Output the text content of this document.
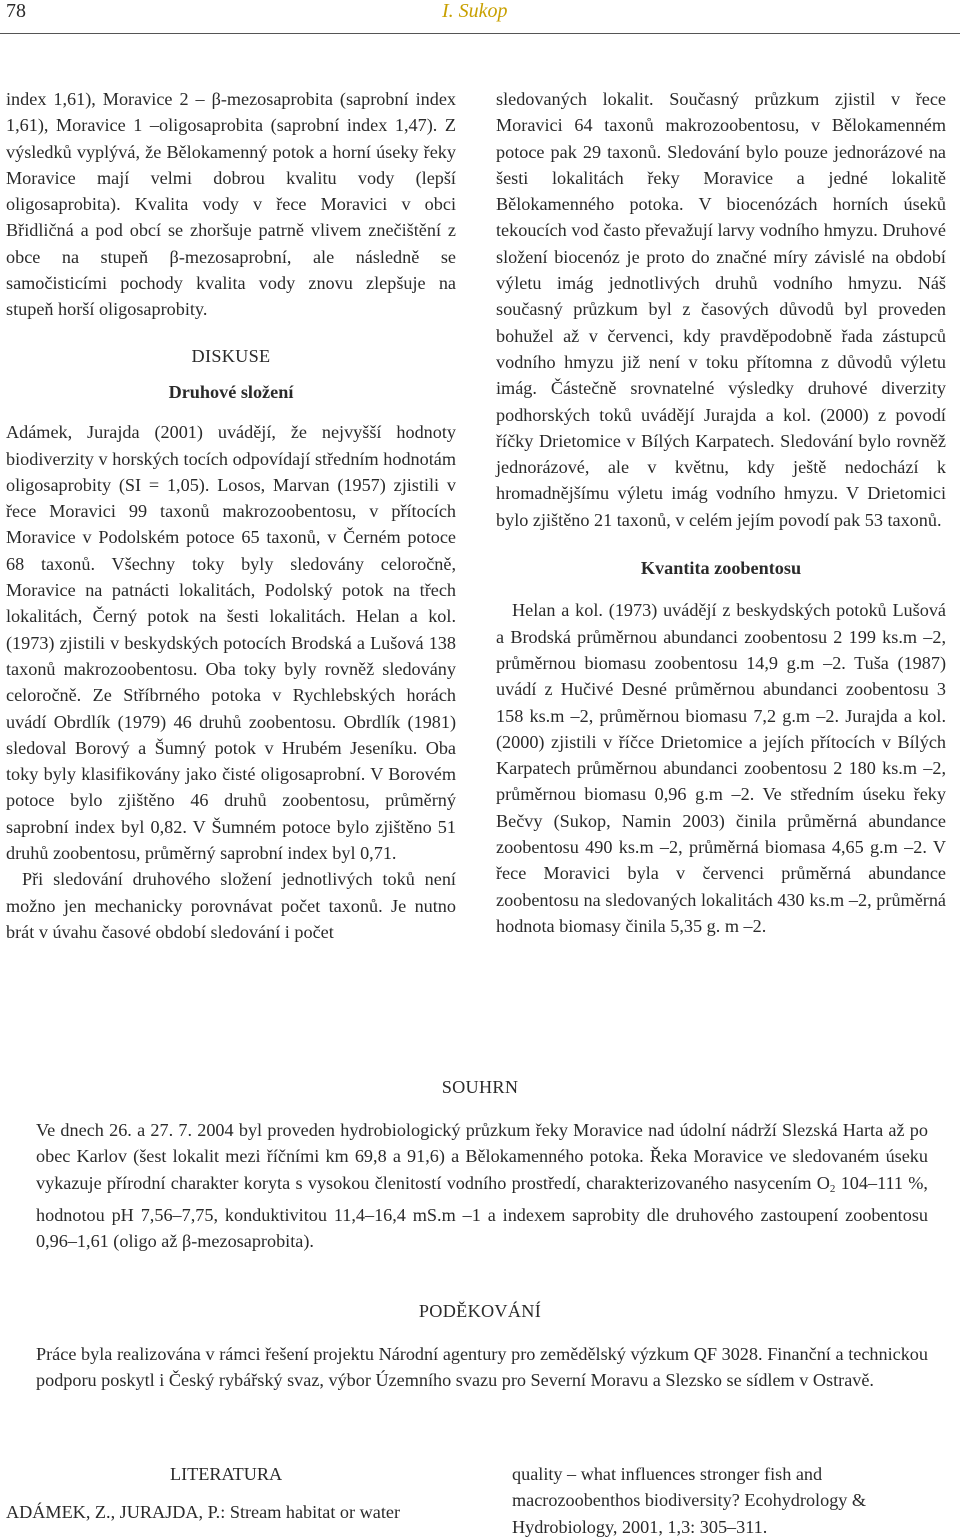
78	I. Sukop

index 1,61), Moravice 2 – β-mezosaprobita (saprobní index 1,61), Moravice 1 –oligosaprobita (saprobní index 1,47). Z výsledků vyplývá, že Bělokamenný potok a horní úseky řeky Moravice mají velmi dobrou kvalitu vody (lepší oligosaprobita). Kvalita vody v řece Moravici v obci Břidličná a pod obcí se zhoršuje patrně vlivem znečištění z obce na stupeň β-mezosaprobní, ale následně se samočisticími pochody kvalita vody znovu zlepšuje na stupeň horší oligosaprobity.

DISKUSE
Druhové složení

Adámek, Jurajda (2001) uvádějí, že nejvyšší hodnoty biodiverzity v horských tocích odpovídají středním hodnotám oligosaprobity (SI = 1,05). Losos, Marvan (1957) zjistili v řece Moravici 99 taxonů makrozoobentosu, v přítocích Moravice v Podolském potoce 65 taxonů, v Černém potoce 68 taxonů. Všechny toky byly sledovány celoročně, Moravice na patnácti lokalitách, Podolský potok na třech lokalitách, Černý potok na šesti lokalitách. Helan a kol. (1973) zjistili v beskydských potocích Brodská a Lušová 138 taxonů makrozoobentosu. Oba toky byly rovněž sledovány celoročně. Ze Stříbrného potoka v Rychlebských horách uvádí Obrdlík (1979) 46 druhů zoobentosu. Obrdlík (1981) sledoval Borový a Šumný potok v Hrubém Jeseníku. Oba toky byly klasifikovány jako čisté oligosaprobní. V Borovém potoce bylo zjištěno 46 druhů zoobentosu, průměrný saprobní index byl 0,82. V Šumném potoce bylo zjištěno 51 druhů zoobentosu, průměrný saprobní index byl 0,71.

Při sledování druhového složení jednotlivých toků není možno jen mechanicky porovnávat počet taxonů. Je nutno brát v úvahu časové období sledování i počet

sledovaných lokalit. Současný průzkum zjistil v řece Moravici 64 taxonů makrozoobentosu, v Bělokamenném potoce pak 29 taxonů. Sledování bylo pouze jednorázové na šesti lokalitách řeky Moravice a jedné lokalitě Bělokamenného potoka. V biocenózách horních úseků tekoucích vod často převažují larvy vodního hmyzu. Druhové složení biocenóz je proto do značné míry závislé na období výletu imág jednotlivých druhů vodního hmyzu. Náš současný průzkum byl z časových důvodů byl proveden bohužel až v červenci, kdy pravděpodobně řada zástupců vodního hmyzu již není v toku přítomna z důvodů výletu imág. Částečně srovnatelné výsledky druhové diverzity podhorských toků uvádějí Jurajda a kol. (2000) z povodí říčky Drietomice v Bílých Karpatech. Sledování bylo rovněž jednorázové, ale v květnu, kdy ještě nedochází k hromadnějšímu výletu imág vodního hmyzu. V Drietomici bylo zjištěno 21 taxonů, v celém jejím povodí pak 53 taxonů.

Kvantita zoobentosu

Helan a kol. (1973) uvádějí z beskydských potoků Lušová a Brodská průměrnou abundanci zoobentosu 2 199 ks.m –2, průměrnou biomasu zoobentosu 14,9 g.m –2. Tuša (1987) uvádí z Hučivé Desné průměrnou abundanci zoobentosu 3 158 ks.m –2, průměrnou biomasu 7,2 g.m –2. Jurajda a kol.(2000) zjistili v říčce Drietomice a jejích přítocích v Bílých Karpatech průměrnou abundanci zoobentosu 2 180 ks.m –2, průměrnou biomasu 0,96 g.m –2. Ve středním úseku řeky Bečvy (Sukop, Namin 2003) činila průměrná abundance zoobentosu 490 ks.m –2, průměrná biomasa 4,65 g.m –2. V řece Moravici byla v červenci průměrná abundance zoobentosu na sledovaných lokalitách 430 ks.m –2, průměrná hodnota biomasy činila 5,35 g. m –2.

SOUHRN
Ve dnech 26. a 27. 7. 2004 byl proveden hydrobiologický průzkum řeky Moravice nad údolní nádrží Slezská Harta až po obec Karlov (šest lokalit mezi říčními km 69,8 a 91,6) a Bělokamenného potoka. Řeka Moravice ve sledovaném úseku vykazuje přírodní charakter koryta s vysokou členitostí vodního prostředí, charakterizovaného nasycením $O_2$ 104–111 %, hodnotou pH 7,56–7,75, konduktivitou 11,4–16,4 mS.m –1 a indexem saprobity dle druhového zastoupení zoobentosu 0,96–1,61 (oligo až β-mezosaprobita).
PODĚKOVÁNÍ
Práce byla realizována v rámci řešení projektu Národní agentury pro zemědělský výzkum QF 3028. Finanční a technickou podporu poskytl i Český rybářský svaz, výbor Územního svazu pro Severní Moravu a Slezsko se sídlem v Ostravě.
LITERATURA
ADÁMEK, Z., JURAJDA, P.: Stream habitat or water
quality – what influences stronger fish and macrozoobenthos biodiversity? Ecohydrology & Hydrobiology, 2001, 1,3: 305–311.
